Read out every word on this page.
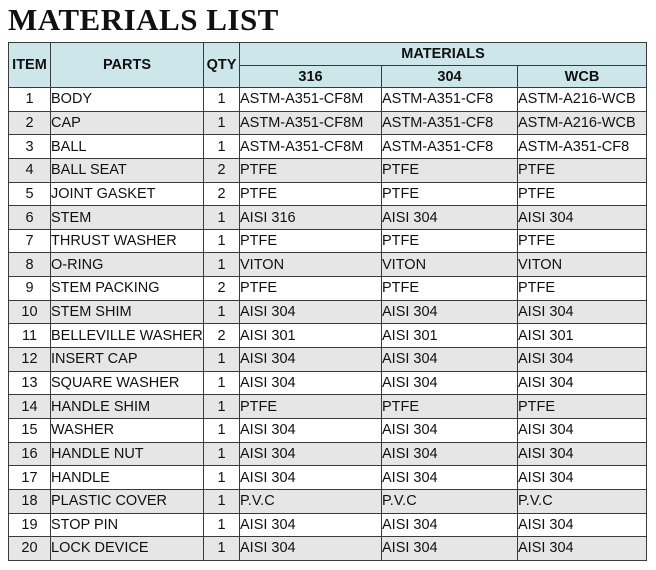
MATERIALS LIST
ITEM	PARTS	QTY	MATERIALS		
			316	304	WCB
1	BODY	1	ASTM-A351-CF8M	ASTM-A351-CF8	ASTM-A216-WCB
2	CAP	1	ASTM-A351-CF8M	ASTM-A351-CF8	ASTM-A216-WCB
3	BALL	1	ASTM-A351-CF8M	ASTM-A351-CF8	ASTM-A351-CF8
4	BALL SEAT	2	PTFE	PTFE	PTFE
5	JOINT GASKET	2	PTFE	PTFE	PTFE
6	STEM	1	AISI 316	AISI 304	AISI 304
7	THRUST WASHER	1	PTFE	PTFE	PTFE
8	O-RING	1	VITON	VITON	VITON
9	STEM PACKING	2	PTFE	PTFE	PTFE
10	STEM SHIM	1	AISI 304	AISI 304	AISI 304
11	BELLEVILLE WASHER	2	AISI 301	AISI 301	AISI 301
12	INSERT CAP	1	AISI 304	AISI 304	AISI 304
13	SQUARE WASHER	1	AISI 304	AISI 304	AISI 304
14	HANDLE SHIM	1	PTFE	PTFE	PTFE
15	WASHER	1	AISI 304	AISI 304	AISI 304
16	HANDLE NUT	1	AISI 304	AISI 304	AISI 304
17	HANDLE	1	AISI 304	AISI 304	AISI 304
18	PLASTIC COVER	1	P.V.C	P.V.C	P.V.C
19	STOP PIN	1	AISI 304	AISI 304	AISI 304
20	LOCK DEVICE	1	AISI 304	AISI 304	AISI 304
